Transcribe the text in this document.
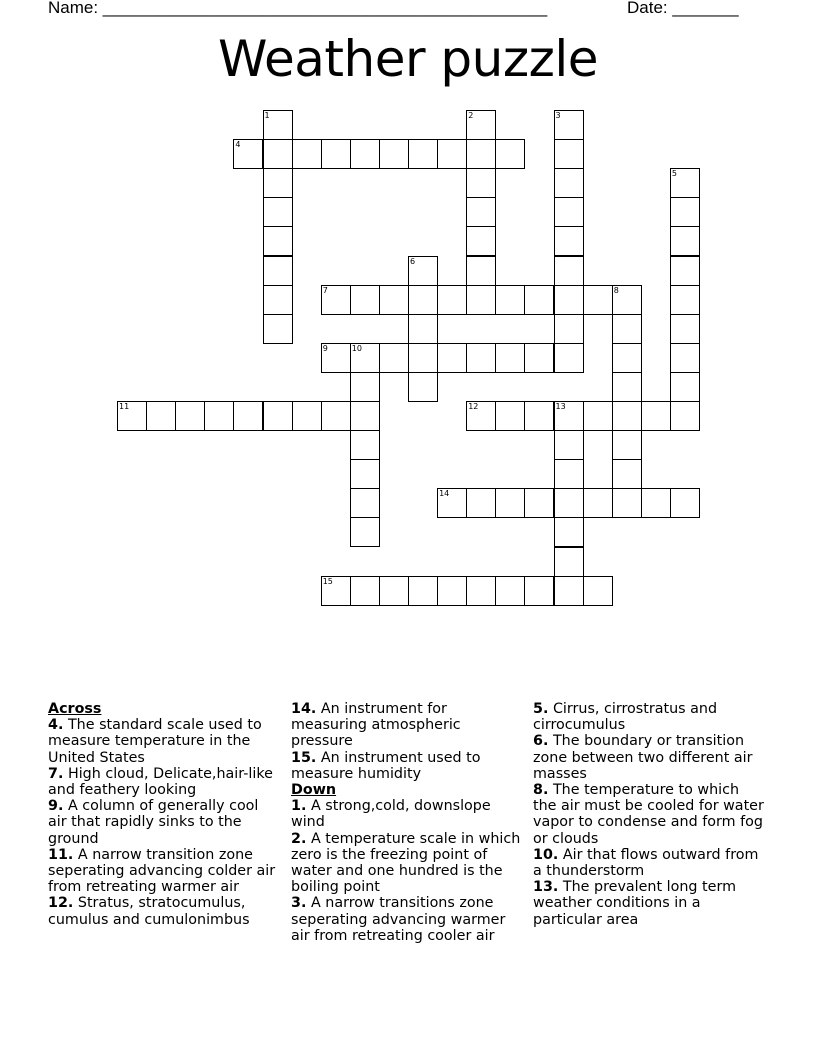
Name: _______________________________________________	Date: _______
Weather puzzle
1	2	3
4
5
6
7	8
9	10
11	12	13
14
15
Across
4. The standard scale used to measure temperature in the United States
7. High cloud, Delicate,hair-like and feathery looking
9. A column of generally cool air that rapidly sinks to the ground
11. A narrow transition zone seperating advancing colder air from retreating warmer air
12. Stratus, stratocumulus, cumulus and cumulonimbus
14. An instrument for measuring atmospheric pressure
15. An instrument used to measure humidity
Down
1. A strong,cold, downslope wind
2. A temperature scale in which zero is the freezing point of water and one hundred is the boiling point
3. A narrow transitions zone seperating advancing warmer air from retreating cooler air
5. Cirrus, cirrostratus and cirrocumulus
6. The boundary or transition zone between two different air masses
8. The temperature to which the air must be cooled for water vapor to condense and form fog or clouds
10. Air that flows outward from a thunderstorm
13. The prevalent long term weather conditions in a particular area
